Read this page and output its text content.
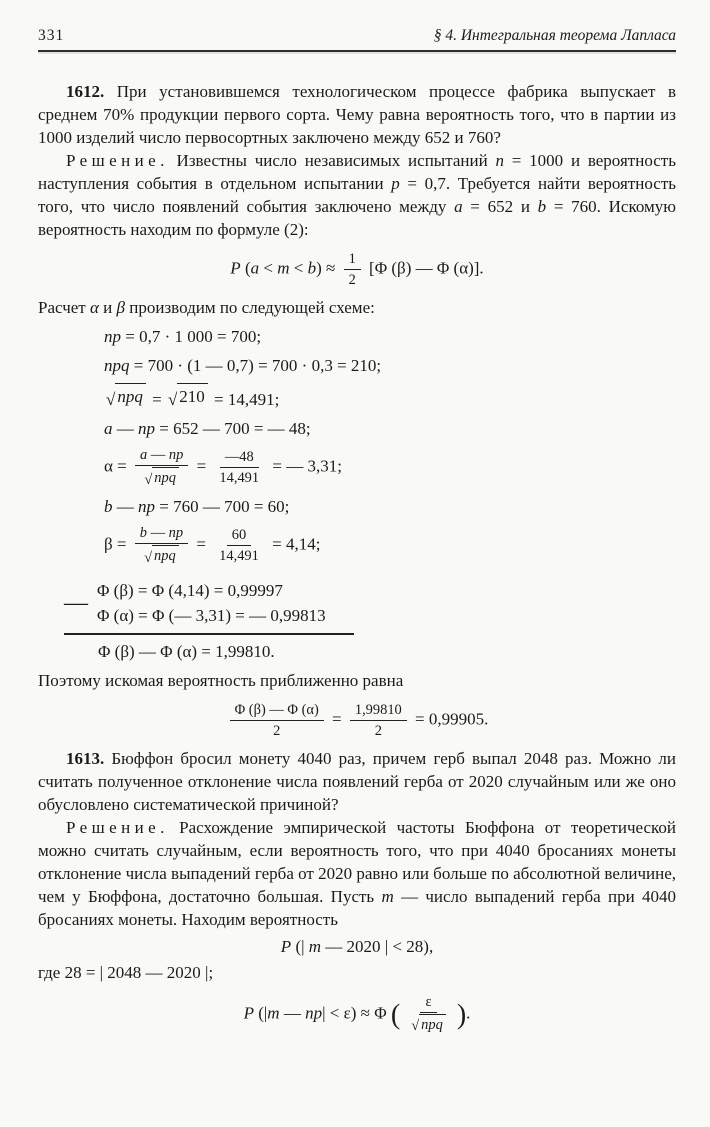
331	§ 4. Интегральная теорема Лапласа

1612. При установившемся технологическом процессе фабрика выпускает в среднем 70% продукции первого сорта. Чему равна вероятность того, что в партии из 1000 изделий число первосортных заключено между 652 и 760?

Решение. Известны число независимых испытаний n = 1000 и вероятность наступления события в отдельном испытании p = 0,7. Требуется найти вероятность того, что число появлений события заключено между a = 652 и b = 760. Искомую вероятность находим по формуле (2):

P $(a < m < b) \approx \frac{1}{2} [\Phi$ (β) — Φ (α)].

Расчет α и β производим по следующей схеме:

np = 0,7 · 1 000 = 700;
npq = 700 · (1 — 0,7) = 700 · 0,3 = 210;
√ npq = √ 210 = 14,491;
a — np = 652 — 700 = — 48;
$\alpha = \frac{a — np}{\text{√ npq}} = \frac{—48}{14,491}$ = — 3,31;
b — np = 760 — 700 = 60;
$\beta = \frac{b — np}{\text{√ npq}} = \frac{60}{14,491} = 4,14$;
— Φ (β) = Φ (4,14) = 0,99997
Φ (α) = Φ (— 3,31) = — 0,99813
Φ (β) — Φ (α) = 1,99810.

Поэтому искомая вероятность приближенно равна

$\frac{\Phi (\beta) — \Phi (\alpha)}{2} = \frac{1,99810}{2} = 0,99905$.

1613. Бюффон бросил монету 4040 раз, причем герб выпал 2048 раз. Можно ли считать полученное отклонение числа появлений герба от 2020 случайным или же оно обусловлено систематической причиной?

Решение. Расхождение эмпирической частоты Бюффона от теоретической можно считать случайным, если вероятность того, что при 4040 бросаниях монеты отклонение числа выпадений герба от 2020 равно или больше по абсолютной величине, чем у Бюффона, достаточно большая. Пусть m — число выпадений герба при 4040 бросаниях монеты. Находим вероятность

P (| m — 2020 | < 28),

где 28 = | 2048 — 2020 |;

P (|m — np| < ε) ≈ Φ ( $\frac{\varepsilon}{\text{√ npq}}$ ).
